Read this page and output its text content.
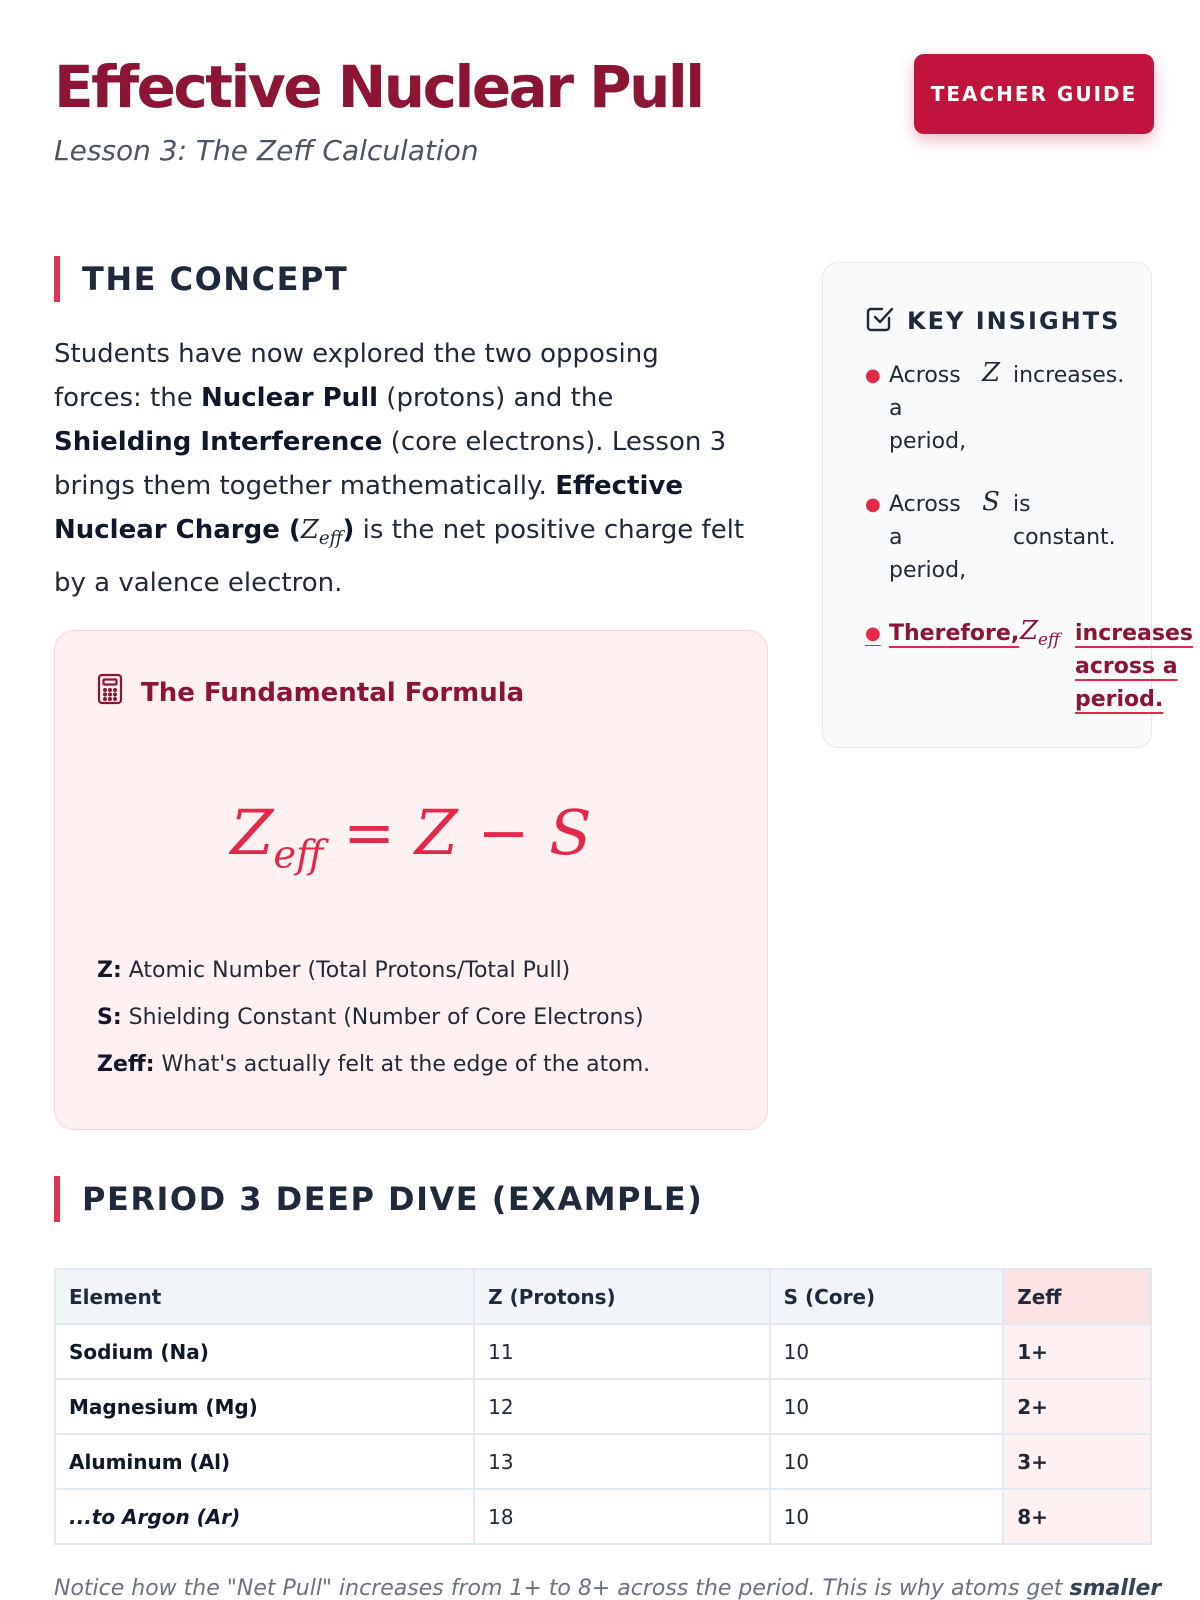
Effective Nuclear Pull
Lesson 3: The Zeff Calculation
TEACHER GUIDE
THE CONCEPT

Students have now explored the two opposing forces: the Nuclear Pull (protons) and the Shielding Interference (core electrons). Lesson 3 brings them together mathematically. Effective Nuclear Charge $(Z_{eff})$ is the net positive charge felt by a valence electron.

The Fundamental Formula
$Z_{eff} = Z - S$
Z: Atomic Number (Total Protons/Total Pull)
S: Shielding Constant (Number of Core Electrons)
Zeff: What's actually felt at the edge of the atom.
KEY INSIGHTS
● Across a period,
Z increases.
● Across a period,
S is constant.
● Therefore, $Z_{eff}$ increases across a period.
PERIOD 3 DEEP DIVE (EXAMPLE)
Element	Z (Protons)	S (Core)	Zeff
Sodium (Na)	11	10	1+
Magnesium (Mg)	12	10	2+
Aluminum (Al)	13	10	3+
...to Argon (Ar)	18	10	8+
Notice how the "Net Pull" increases from 1+ to 8+ across the period. This is why atoms get smaller
